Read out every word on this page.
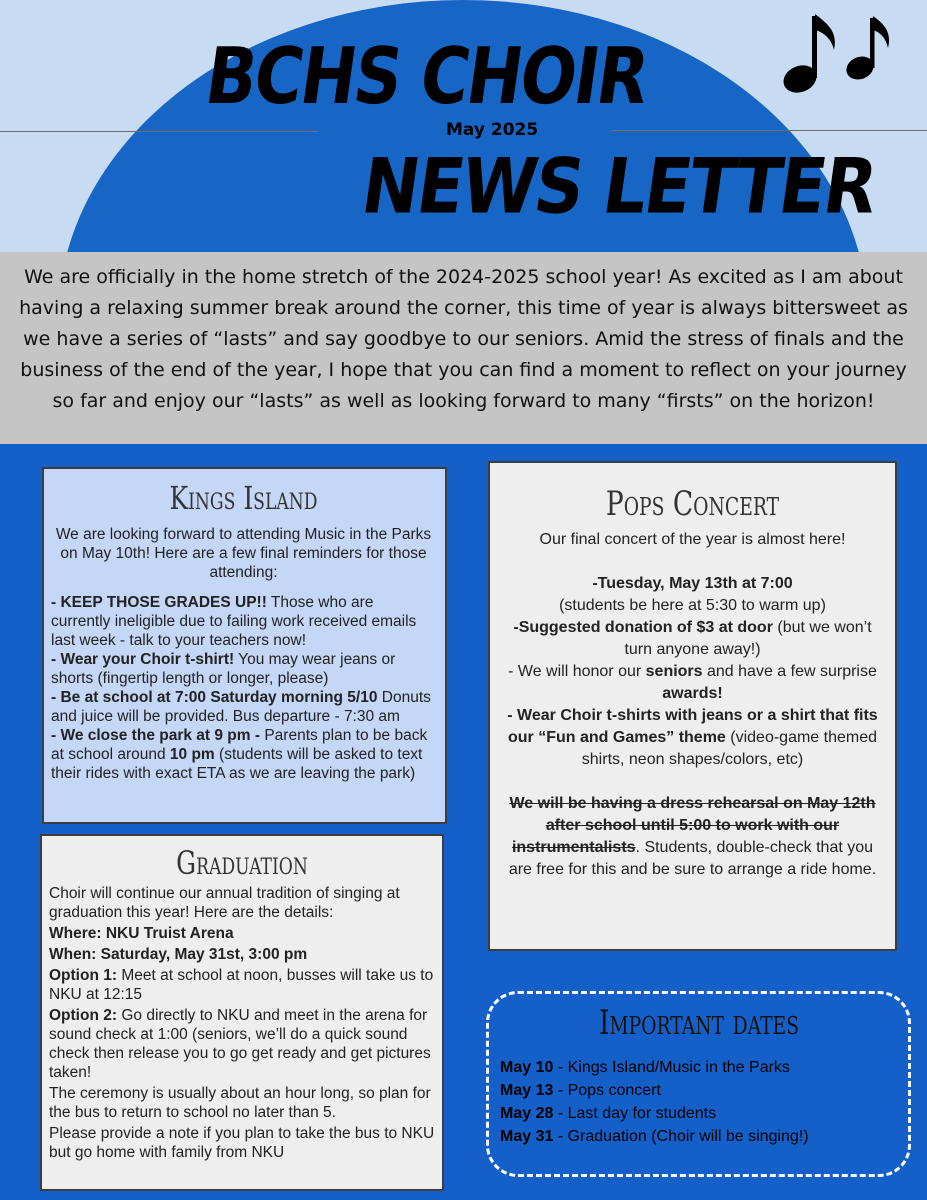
BCHS CHOIR
May 2025
NEWS LETTER

We are officially in the home stretch of the 2024-2025 school year! As excited as I am about having a relaxing summer break around the corner, this time of year is always bittersweet as we have a series of “lasts” and say goodbye to our seniors. Amid the stress of finals and the business of the end of the year, I hope that you can find a moment to reflect on your journey so far and enjoy our “lasts” as well as looking forward to many “firsts” on the horizon!

Kings Island

We are looking forward to attending Music in the Parks on May 10th! Here are a few final reminders for those attending:

- KEEP THOSE GRADES UP!! Those who are currently ineligible due to failing work received emails last week - talk to your teachers now!
- Wear your Choir t-shirt! You may wear jeans or shorts (fingertip length or longer, please)
- Be at school at 7:00 Saturday morning 5/10 Donuts and juice will be provided. Bus departure - 7:30 am
- We close the park at 9 pm - Parents plan to be back at school around 10 pm (students will be asked to text their rides with exact ETA as we are leaving the park)
Graduation

Choir will continue our annual tradition of singing at graduation this year! Here are the details:

Where: NKU Truist Arena

When: Saturday, May 31st, 3:00 pm

Option 1: Meet at school at noon, busses will take us to NKU at 12:15

Option 2: Go directly to NKU and meet in the arena for sound check at 1:00 (seniors, we’ll do a quick sound check then release you to go get ready and get pictures taken!

The ceremony is usually about an hour long, so plan for the bus to return to school no later than 5.

Please provide a note if you plan to take the bus to NKU but go home with family from NKU

Pops Concert

Our final concert of the year is almost here!

-Tuesday, May 13th at 7:00

(students be here at 5:30 to warm up)

-Suggested donation of $3 at door (but we won’t turn anyone away!)

- We will honor our seniors and have a few surprise awards!

- Wear Choir t-shirts with jeans or a shirt that fits our “Fun and Games” theme (video-game themed shirts, neon shapes/colors, etc)

We will be having a dress rehearsal on May 12th after school until 5:00 to work with our instrumentalists. Students, double-check that you are free for this and be sure to arrange a ride home.

Important dates
May 10 - Kings Island/Music in the Parks
May 13 - Pops concert
May 28 - Last day for students
May 31 - Graduation (Choir will be singing!)
